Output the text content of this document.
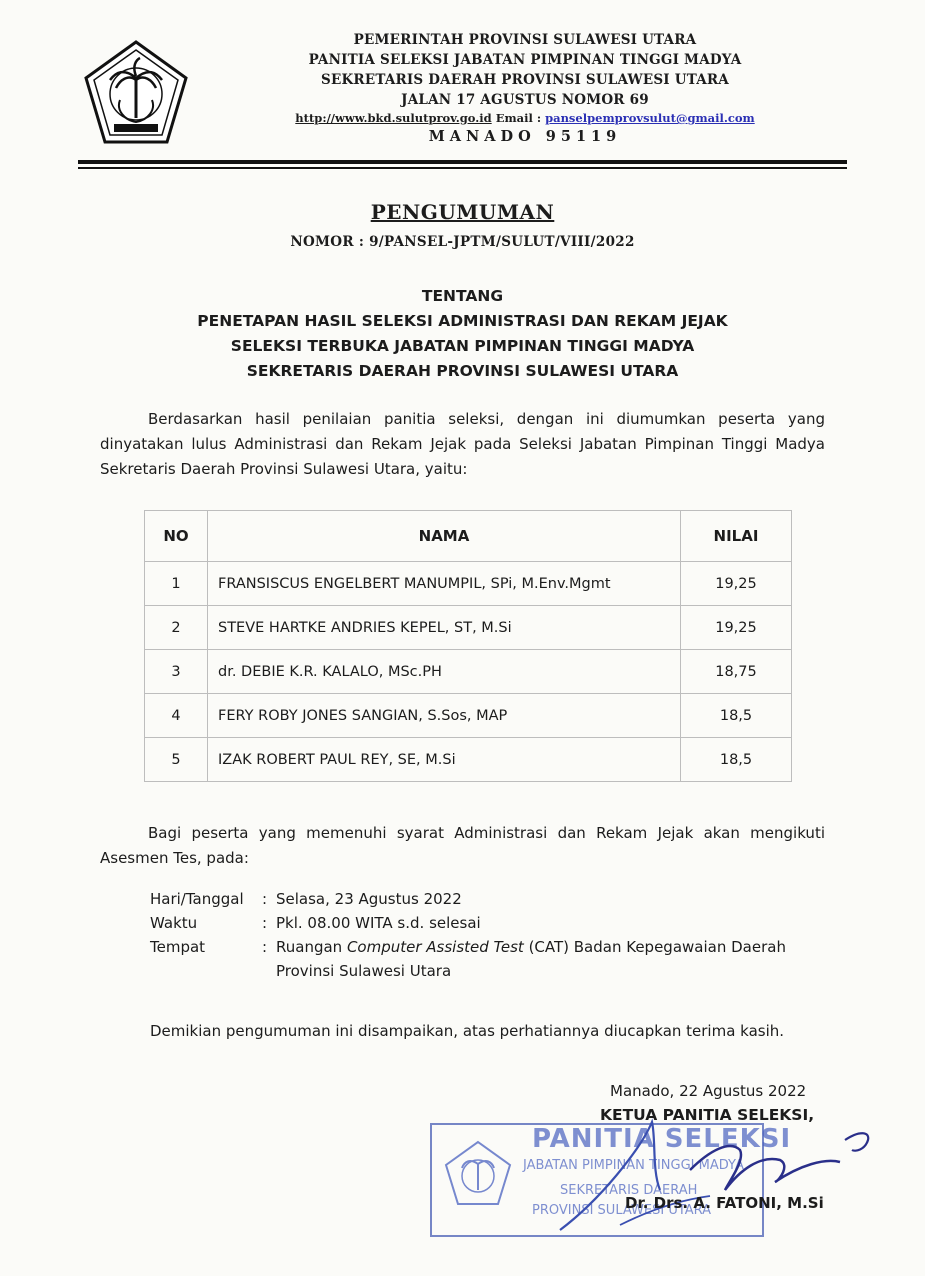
PEMERINTAH PROVINSI SULAWESI UTARA
PANITIA SELEKSI JABATAN PIMPINAN TINGGI MADYA
SEKRETARIS DAERAH PROVINSI SULAWESI UTARA
JALAN 17 AGUSTUS NOMOR 69
http://www.bkd.sulutprov.go.id Email : panselpemprovsulut@gmail.com
MANADO 95119
PENGUMUMAN
NOMOR : 9/PANSEL-JPTM/SULUT/VIII/2022
TENTANG
PENETAPAN HASIL SELEKSI ADMINISTRASI DAN REKAM JEJAK
SELEKSI TERBUKA JABATAN PIMPINAN TINGGI MADYA
SEKRETARIS DAERAH PROVINSI SULAWESI UTARA
Berdasarkan hasil penilaian panitia seleksi, dengan ini diumumkan peserta yang dinyatakan lulus Administrasi dan Rekam Jejak pada Seleksi Jabatan Pimpinan Tinggi Madya Sekretaris Daerah Provinsi Sulawesi Utara, yaitu:
NO	NAMA	NILAI
1	FRANSISCUS ENGELBERT MANUMPIL, SPi, M.Env.Mgmt	19,25
2	STEVE HARTKE ANDRIES KEPEL, ST, M.Si	19,25
3	dr. DEBIE K.R. KALALO, MSc.PH	18,75
4	FERY ROBY JONES SANGIAN, S.Sos, MAP	18,5
5	IZAK ROBERT PAUL REY, SE, M.Si	18,5
Bagi peserta yang memenuhi syarat Administrasi dan Rekam Jejak akan mengikuti Asesmen Tes, pada:
Hari/Tanggal	: Selasa, 23 Agustus 2022
Waktu	: Pkl. 08.00 WITA s.d. selesai
Tempat	: Ruangan Computer Assisted Test (CAT) Badan Kepegawaian Daerah
Provinsi Sulawesi Utara
Demikian pengumuman ini disampaikan, atas perhatiannya diucapkan terima kasih.
PANITIA SELEKSI
JABATAN PIMPINAN TINGGI MADYA
SEKRETARIS DAERAH
PROVINSI SULAWESI UTARA
Manado, 22 Agustus 2022
KETUA PANITIA SELEKSI,
Dr. Drs. A. FATONI, M.Si
